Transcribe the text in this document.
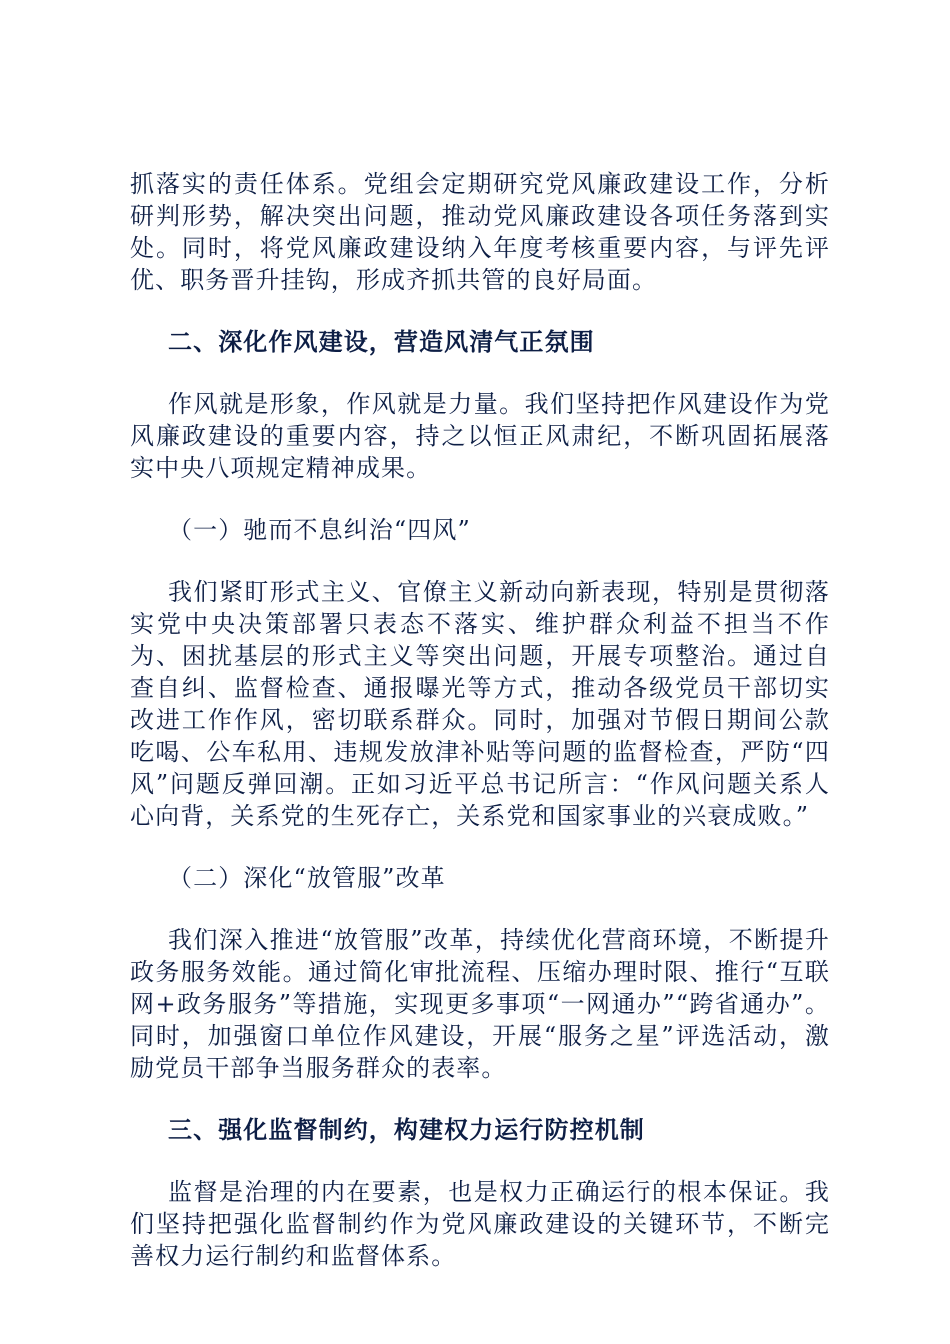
抓落实的责任体系。党组会定期研究党风廉政建设工作，分析研判形势，解决突出问题，推动党风廉政建设各项任务落到实处。同时，将党风廉政建设纳入年度考核重要内容，与评先评优、职务晋升挂钩，形成齐抓共管的良好局面。

二、深化作风建设，营造风清气正氛围

作风就是形象，作风就是力量。我们坚持把作风建设作为党风廉政建设的重要内容，持之以恒正风肃纪，不断巩固拓展落实中央八项规定精神成果。

（一）驰而不息纠治“四风”

我们紧盯形式主义、官僚主义新动向新表现，特别是贯彻落实党中央决策部署只表态不落实、维护群众利益不担当不作为、困扰基层的形式主义等突出问题，开展专项整治。通过自查自纠、监督检查、通报曝光等方式，推动各级党员干部切实改进工作作风，密切联系群众。同时，加强对节假日期间公款吃喝、公车私用、违规发放津补贴等问题的监督检查，严防“四风”问题反弹回潮。正如习近平总书记所言：“作风问题关系人心向背，关系党的生死存亡，关系党和国家事业的兴衰成败。”

（二）深化“放管服”改革

我们深入推进“放管服”改革，持续优化营商环境，不断提升政务服务效能。通过简化审批流程、压缩办理时限、推行“互联网+政务服务”等措施，实现更多事项“一网通办”“跨省通办”。同时，加强窗口单位作风建设，开展“服务之星”评选活动，激励党员干部争当服务群众的表率。

三、强化监督制约，构建权力运行防控机制

监督是治理的内在要素，也是权力正确运行的根本保证。我们坚持把强化监督制约作为党风廉政建设的关键环节，不断完善权力运行制约和监督体系。
